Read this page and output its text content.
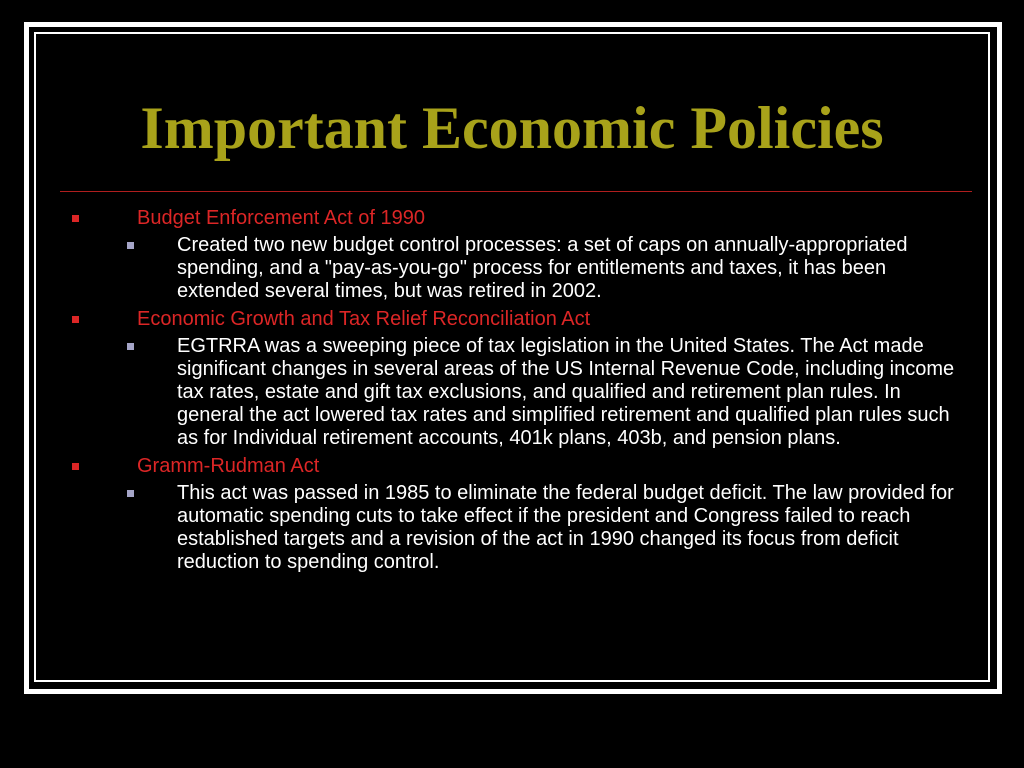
Important Economic Policies
Budget Enforcement Act of 1990
Created two new budget control processes: a set of caps on annually-appropriated spending, and a "pay-as-you-go" process for entitlements and taxes, it has been extended several times, but was retired in 2002.
Economic Growth and Tax Relief Reconciliation Act
EGTRRA was a sweeping piece of tax legislation in the United States. The Act made significant changes in several areas of the US Internal Revenue Code, including income tax rates, estate and gift tax exclusions, and qualified and retirement plan rules. In general the act lowered tax rates and simplified retirement and qualified plan rules such as for Individual retirement accounts, 401k plans, 403b, and pension plans.
Gramm-Rudman Act
This act was passed in 1985 to eliminate the federal budget deficit. The law provided for automatic spending cuts to take effect if the president and Congress failed to reach established targets and a revision of the act in 1990 changed its focus from deficit reduction to spending control.
